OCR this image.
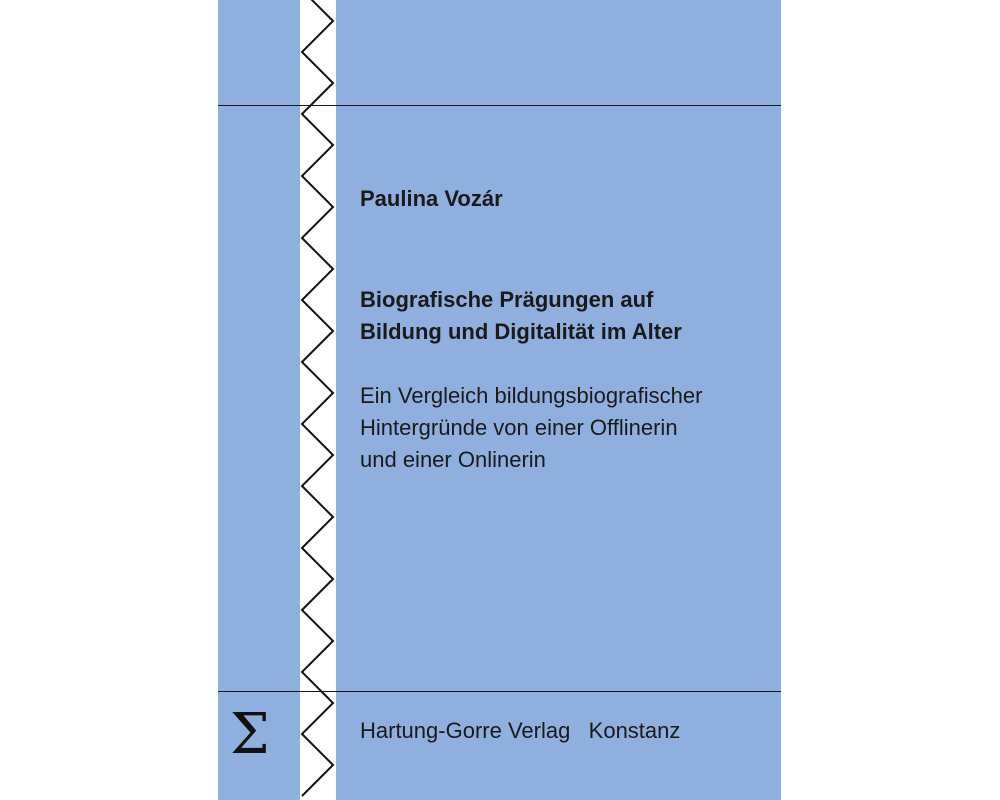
Paulina Vozár
Biografische Prägungen auf
Bildung und Digitalität im Alter
Ein Vergleich bildungsbiografischer
Hintergründe von einer Offlinerin
und einer Onlinerin
Σ	Hartung-Gorre Verlag   Konstanz
